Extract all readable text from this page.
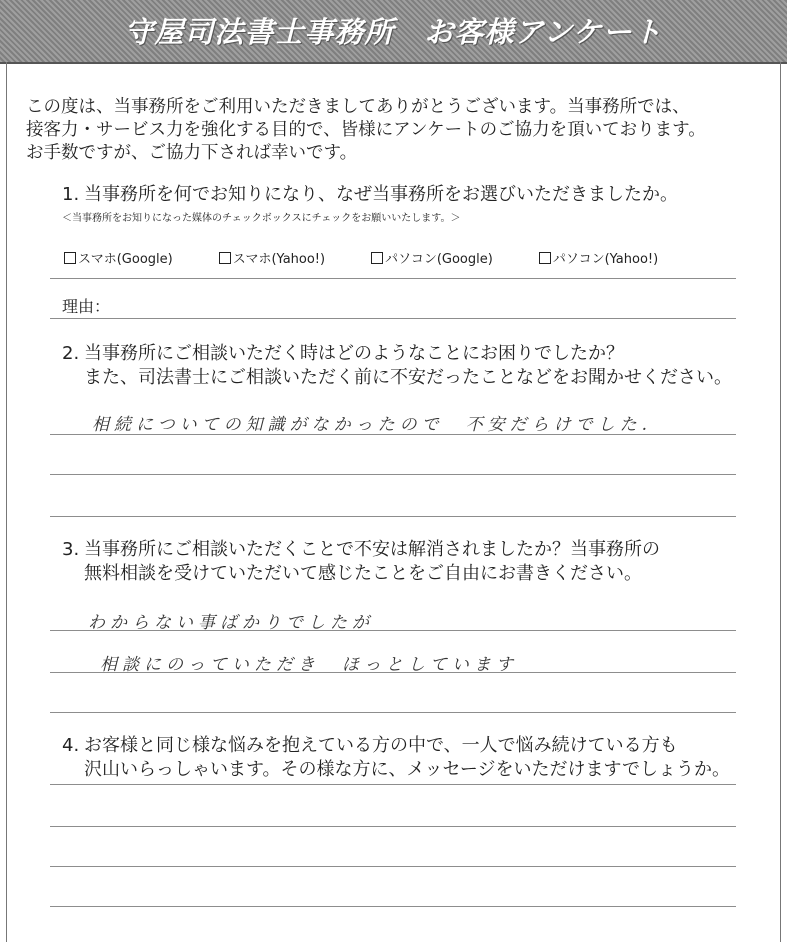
守屋司法書士事務所　お客様アンケート
この度は、当事務所をご利用いただきましてありがとうございます。当事務所では、
接客力・サービス力を強化する目的で、皆様にアンケートのご協力を頂いております。
お手数ですが、ご協力下されば幸いです。
1. 当事務所を何でお知りになり、なぜ当事務所をお選びいただきましたか。
＜当事務所をお知りになった媒体のチェックボックスにチェックをお願いいたします。＞
スマホ(Google)	スマホ(Yahoo!)	パソコン(Google)	パソコン(Yahoo!)
理由：
2. 当事務所にご相談いただく時はどのようなことにお困りでしたか？
また、司法書士にご相談いただく前に不安だったことなどをお聞かせください。
相続についての知識がなかったので　不安だらけでした.
3. 当事務所にご相談いただくことで不安は解消されましたか？当事務所の
無料相談を受けていただいて感じたことをご自由にお書きください。
わからない事ばかりでしたが
相談にのっていただき　ほっとしています
4. お客様と同じ様な悩みを抱えている方の中で、一人で悩み続けている方も
沢山いらっしゃいます。その様な方に、メッセージをいただけますでしょうか。
